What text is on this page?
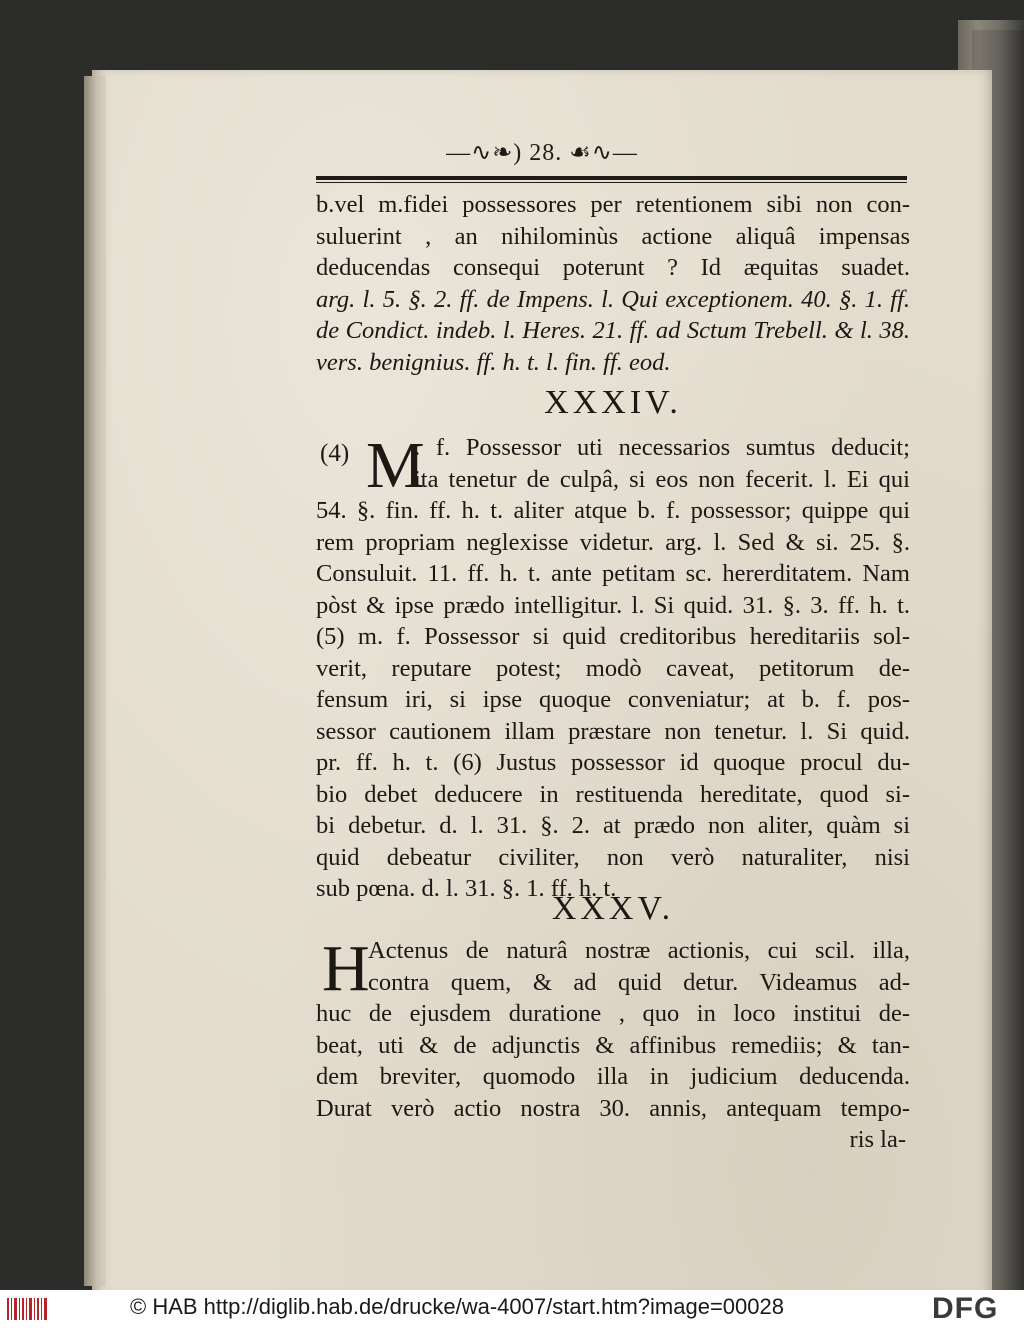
—∿❧) 28. ☙∿—
b.vel m.fidei possessores per retentionem sibi non con-
suluerint , an nihilominùs actione aliquâ impensas
deducendas consequi poterunt ? Id æquitas suadet.
arg. l. 5. §. 2. ff. de Impens. l. Qui exceptionem. 40. §. 1. ff.
de Condict. indeb. l. Heres. 21. ff. ad Sctum Trebell. & l. 38.
vers. benignius. ff. h. t. l. fin. ff. eod.
XXXIV.
(4) M
. f. Possessor uti necessarios sumtus deducit;
ita tenetur de culpâ, si eos non fecerit. l. Ei qui
54. §. fin. ff. h. t. aliter atque b. f. possessor; quippe qui
rem propriam neglexisse videtur. arg. l. Sed & si. 25. §.
Consuluit. 11. ff. h. t. ante petitam sc. hererditatem. Nam
pòst & ipse prædo intelligitur. l. Si quid. 31. §. 3. ff. h. t.
(5) m. f. Possessor si quid creditoribus hereditariis sol-
verit, reputare potest; modò caveat, petitorum de-
fensum iri, si ipse quoque conveniatur; at b. f. pos-
sessor cautionem illam præstare non tenetur. l. Si quid.
pr. ff. h. t. (6) Justus possessor id quoque procul du-
bio debet deducere in restituenda hereditate, quod si-
bi debetur. d. l. 31. §. 2. at prædo non aliter, quàm si
quid debeatur civiliter, non verò naturaliter, nisi
sub pœna. d. l. 31. §. 1. ff. h. t.
XXXV.
H
Actenus de naturâ nostræ actionis, cui scil. illa,
contra quem, & ad quid detur. Videamus ad-
huc de ejusdem duratione , quo in loco institui de-
beat, uti & de adjunctis & affinibus remediis; & tan-
dem breviter, quomodo illa in judicium deducenda.
Durat verò actio nostra 30. annis, antequam tempo-
ris la-
© HAB http://diglib.hab.de/drucke/wa-4007/start.htm?image=00028	DFG
